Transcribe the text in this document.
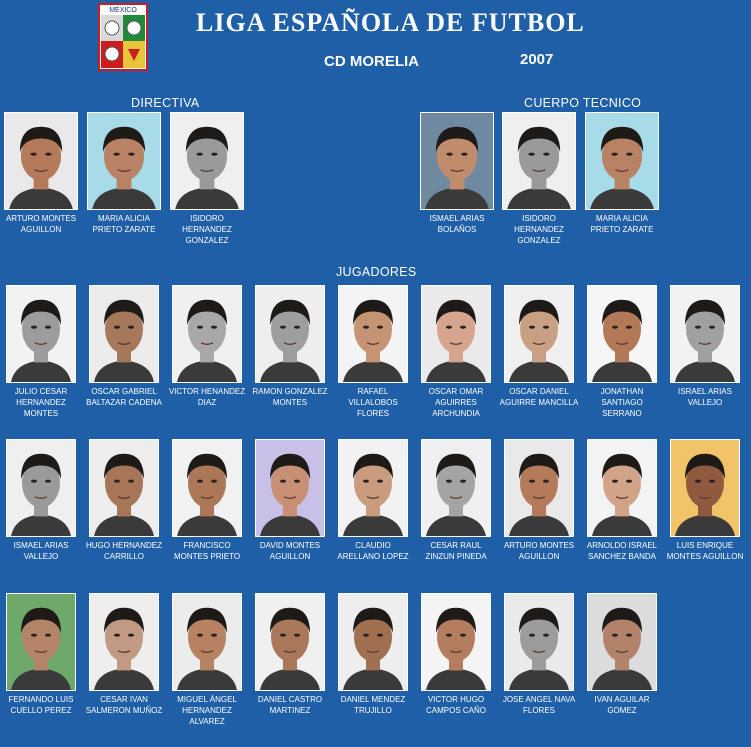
MEXICO LIGA ESPAÑOLA DE FUTBOL
CD MORELIA	2007
DIRECTIVA	CUERPO TECNICO
JUGADORES
ARTURO MONTES AGUILLON
MARIA ALICIA PRIETO ZARATE
ISIDORO HERNANDEZ GONZALEZ
ISMAEL ARIAS BOLAÑOS
ISIDORO HERNANDEZ GONZALEZ
MARIA ALICIA PRIETO ZARATE
JULIO CESAR HERNANDEZ MONTES
OSCAR GABRIEL BALTAZAR CADENA
VICTOR HENANDEZ DIAZ
RAMON GONZALEZ MONTES
RAFAEL VILLALOBOS FLORES
OSCAR OMAR AGUIRRES ARCHUNDIA
OSCAR DANIEL AGUIRRE MANCILLA
JONATHAN SANTIAGO SERRANO
ISRAEL ARIAS VALLEJO
ISMAEL ARIAS VALLEJO
HUGO HERNANDEZ CARRILLO
FRANCISCO MONTES PRIETO
DAVID MONTES AGUILLON
CLAUDIO ARELLANO LOPEZ
CESAR RAUL ZINZUN PINEDA
ARTURO MONTES AGUILLON
ARNOLDO ISRAEL SANCHEZ BANDA
LUIS ENRIQUE MONTES AGUILLON
FERNANDO LUIS CUELLO PEREZ
CESAR IVAN SALMERON MUÑOZ
MIGUEL ÁNGEL HERNANDEZ ALVAREZ
DANIEL CASTRO MARTINEZ
DANIEL MENDEZ TRUJILLO
VICTOR HUGO CAMPOS CAÑO
JOSE ANGEL NAVA FLORES
IVAN AGUILAR GOMEZ
